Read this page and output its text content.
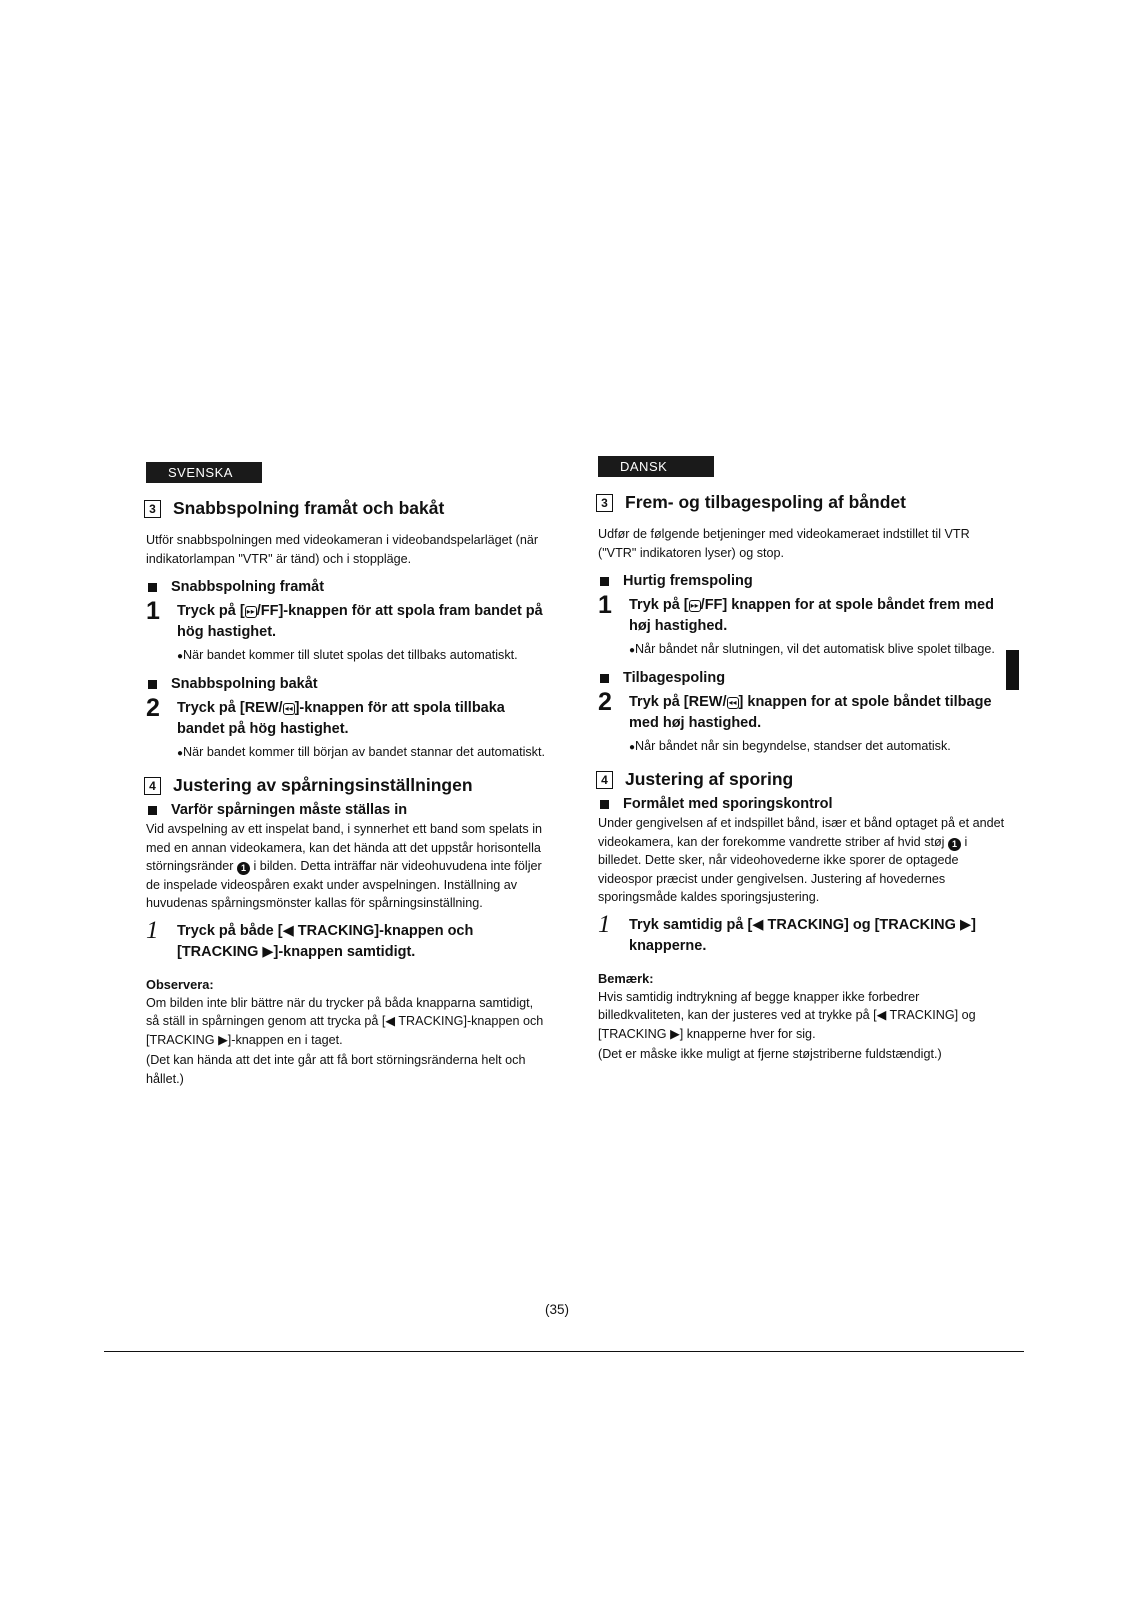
SVENSKA
3 Snabbspolning framåt och bakåt
Utför snabbspolningen med videokameran i videobandspelarläget (när indikatorlampan "VTR" är tänd) och i stoppläge.
Snabbspolning framåt
1 Tryck på [ ▸▸ /FF]-knappen för att spola fram bandet på hög hastighet.
●När bandet kommer till slutet spolas det tillbaks automatiskt.
Snabbspolning bakåt
2 Tryck på [REW/ ◂◂ ]-knappen för att spola tillbaka bandet på hög hastighet.
●När bandet kommer till början av bandet stannar det automatiskt.
4 Justering av spårningsinställningen
Varför spårningen måste ställas in
Vid avspelning av ett inspelat band, i synnerhet ett band som spelats in med en annan videokamera, kan det hända att det uppstår horisontella störningsränder 1 i bilden. Detta inträffar när videohuvudena inte följer de inspelade videospåren exakt under avspelningen. Inställning av huvudenas spårningsmönster kallas för spårningsinställning.
1 Tryck på både [◀ TRACKING]-knappen och [TRACKING ▶]-knappen samtidigt.
Observera:
Om bilden inte blir bättre när du trycker på båda knapparna samtidigt, så ställ in spårningen genom att trycka på [◀ TRACKING]-knappen och [TRACKING ▶]-knappen en i taget.
(Det kan hända att det inte går att få bort störningsränderna helt och hållet.)
DANSK
3 Frem- og tilbagespoling af båndet
Udfør de følgende betjeninger med videokameraet indstillet til VTR ("VTR" indikatoren lyser) og stop.
Hurtig fremspoling
1 Tryk på [ ▸▸ /FF] knappen for at spole båndet frem med høj hastighed.
●Når båndet når slutningen, vil det automatisk blive spolet tilbage.
Tilbagespoling
2 Tryk på [REW/ ◂◂ ] knappen for at spole båndet tilbage med høj hastighed.
●Når båndet når sin begyndelse, standser det automatisk.
4 Justering af sporing
Formålet med sporingskontrol
Under gengivelsen af et indspillet bånd, især et bånd optaget på et andet videokamera, kan der forekomme vandrette striber af hvid støj 1 i billedet. Dette sker, når videohovederne ikke sporer de optagede videospor præcist under gengivelsen. Justering af hovedernes sporingsmåde kaldes sporingsjustering.
1 Tryk samtidig på [◀ TRACKING] og [TRACKING ▶] knapperne.
Bemærk:
Hvis samtidig indtrykning af begge knapper ikke forbedrer billedkvaliteten, kan der justeres ved at trykke på [◀ TRACKING] og [TRACKING ▶] knapperne hver for sig.
(Det er måske ikke muligt at fjerne støjstriberne fuldstændigt.)
(35)
